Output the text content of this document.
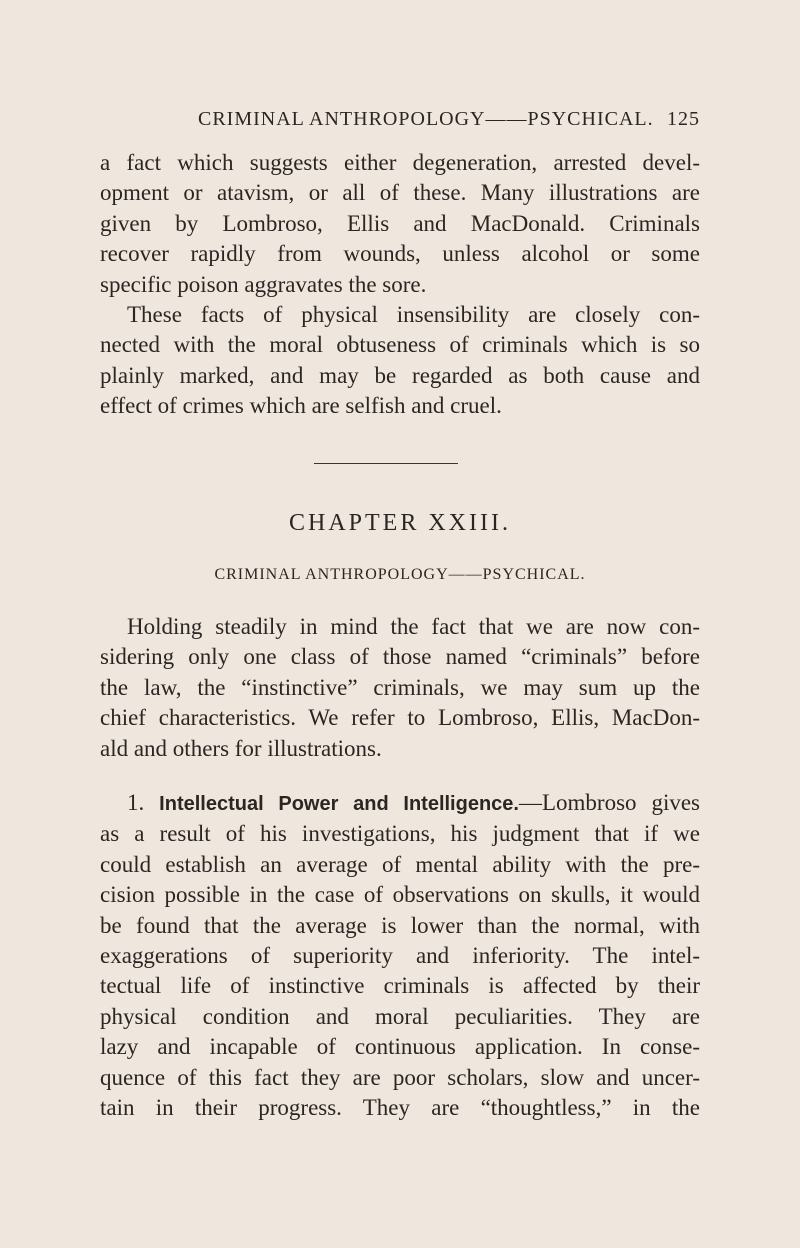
CRIMINAL ANTHROPOLOGY——PSYCHICAL. 125
a fact which suggests either degeneration, arrested devel-
opment or atavism, or all of these. Many illustrations are
given by Lombroso, Ellis and MacDonald. Criminals
recover rapidly from wounds, unless alcohol or some
specific poison aggravates the sore.
These facts of physical insensibility are closely con-
nected with the moral obtuseness of criminals which is so
plainly marked, and may be regarded as both cause and
effect of crimes which are selfish and cruel.
CHAPTER XXIII.
CRIMINAL ANTHROPOLOGY——PSYCHICAL.
Holding steadily in mind the fact that we are now con-
sidering only one class of those named “criminals” before
the law, the “instinctive” criminals, we may sum up the
chief characteristics. We refer to Lombroso, Ellis, MacDon-
ald and others for illustrations.
1. Intellectual Power and Intelligence.—Lombroso gives
as a result of his investigations, his judgment that if we
could establish an average of mental ability with the pre-
cision possible in the case of observations on skulls, it would
be found that the average is lower than the normal, with
exaggerations of superiority and inferiority. The intel-
tectual life of instinctive criminals is affected by their
physical condition and moral peculiarities. They are
lazy and incapable of continuous application. In conse-
quence of this fact they are poor scholars, slow and uncer-
tain in their progress. They are “thoughtless,” in the
